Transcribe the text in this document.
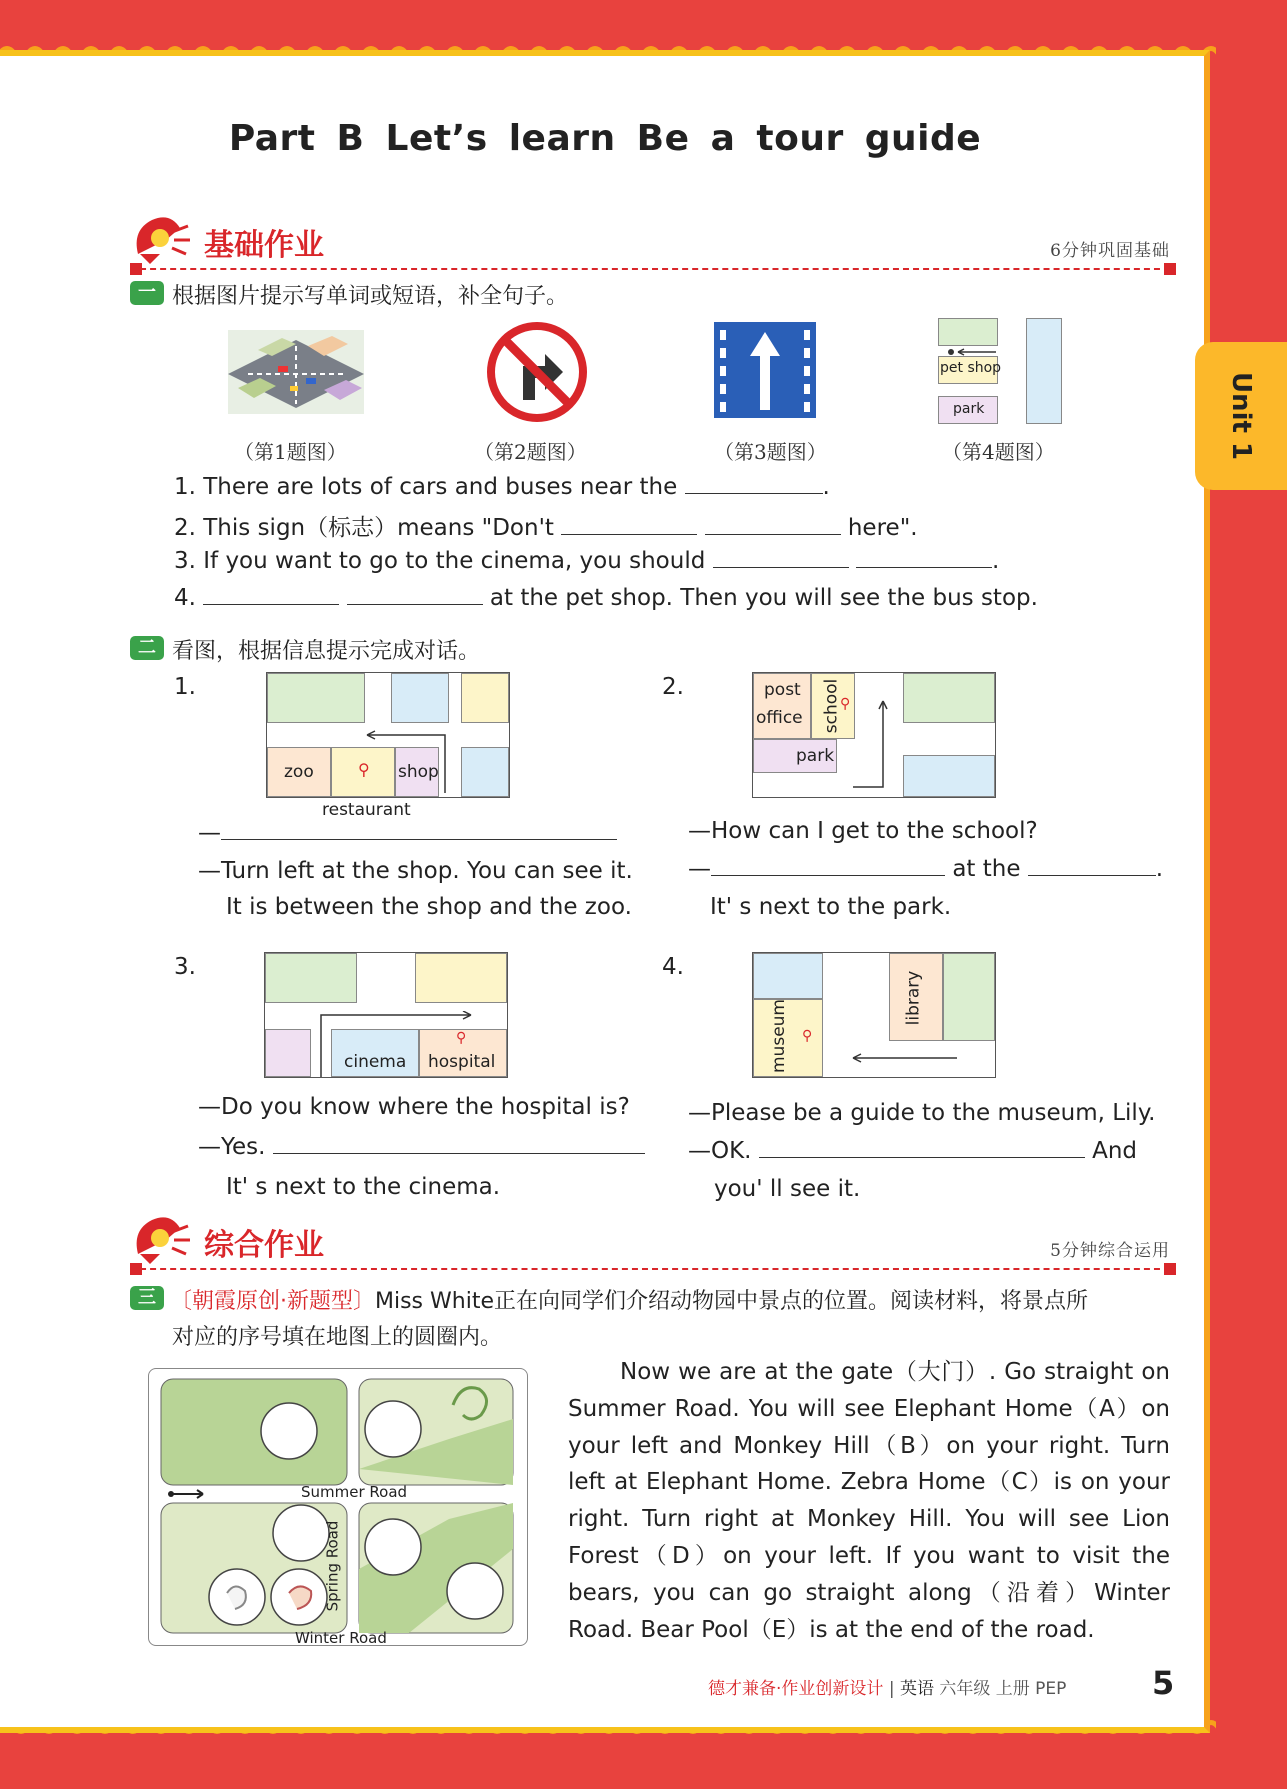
Unit 1
Part B Let’s learn Be a tour guide
基础作业	6分钟巩固基础
一 根据图片提示写单词或短语，补全句子。
pet shop
park
（第1题图）	（第2题图）	（第3题图）	（第4题图）
1. There are lots of cars and buses near the	.
2. This sign（标志）means "Don't	here".
3. If you want to go to the cinema, you should	.
4.	at the pet shop. Then you will see the bus stop.
二 看图，根据信息提示完成对话。
1.
zoo	⚲ shop
restaurant
—
—Turn left at the shop. You can see it.
It is between the shop and the zoo.
2.	post
office school
⚲
park
—How can I get to the school?
—	at the	.
It' s next to the park.
3.
cinema
⚲
hospital
—Do you know where the hospital is?
—Yes.
It' s next to the cinema.
4.
museum ⚲
library
—Please be a guide to the museum, Lily.
—OK.	And
you' ll see it.
综合作业	5分钟综合运用
三 〔朝霞原创·新题型〕Miss White正在向同学们介绍动物园中景点的位置。阅读材料，将景点所
对应的序号填在地图上的圆圈内。
Summer Road
Spring Road
Winter Road
Now we are at the gate（大门）. Go straight on Summer Road. You will see Elephant Home（A）on your left and Monkey Hill（B）on your right. Turn left at Elephant Home. Zebra Home（C）is on your right. Turn right at Monkey Hill. You will see Lion Forest（D）on your left. If you want to visit the bears, you can go straight along（沿着）Winter Road. Bear Pool（E）is at the end of the road.
德才兼备·作业创新设计 | 英语 六年级 上册 PEP	5
